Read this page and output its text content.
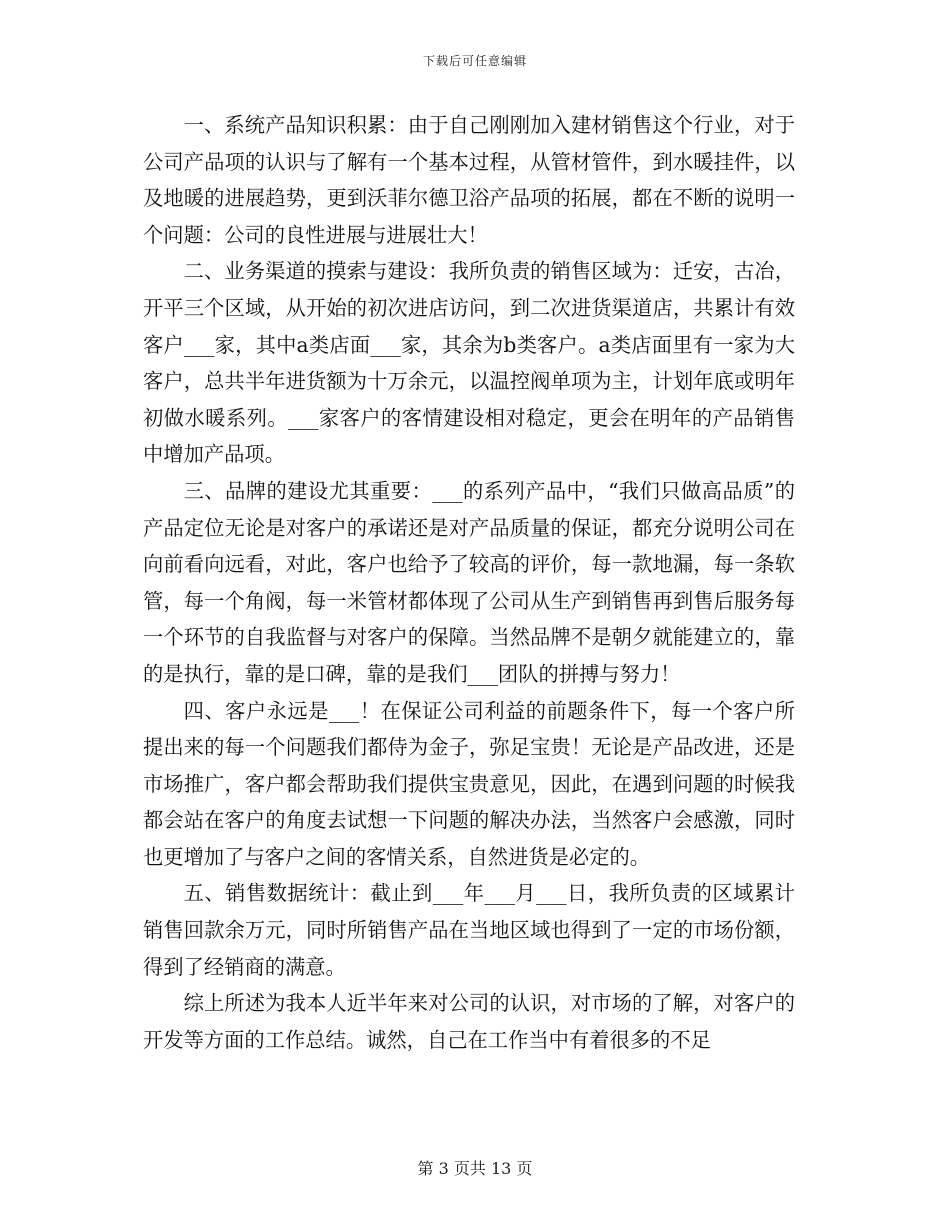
下载后可任意编辑

一、系统产品知识积累：由于自己刚刚加入建材销售这个行业，对于公司产品项的认识与了解有一个基本过程，从管材管件，到水暖挂件，以及地暖的进展趋势，更到沃菲尔德卫浴产品项的拓展，都在不断的说明一个问题：公司的良性进展与进展壮大！

二、业务渠道的摸索与建设：我所负责的销售区域为：迁安，古冶，开平三个区域，从开始的初次进店访问，到二次进货渠道店，共累计有效客户___家，其中a类店面___家，其余为b类客户。a类店面里有一家为大客户，总共半年进货额为十万余元，以温控阀单项为主，计划年底或明年初做水暖系列。___家客户的客情建设相对稳定，更会在明年的产品销售中增加产品项。

三、品牌的建设尤其重要：___的系列产品中，“我们只做高品质”的产品定位无论是对客户的承诺还是对产品质量的保证，都充分说明公司在向前看向远看，对此，客户也给予了较高的评价，每一款地漏，每一条软管，每一个角阀，每一米管材都体现了公司从生产到销售再到售后服务每一个环节的自我监督与对客户的保障。当然品牌不是朝夕就能建立的，靠的是执行，靠的是口碑，靠的是我们___团队的拼搏与努力！

四、客户永远是___！在保证公司利益的前题条件下，每一个客户所提出来的每一个问题我们都侍为金子，弥足宝贵！无论是产品改进，还是市场推广，客户都会帮助我们提供宝贵意见，因此，在遇到问题的时候我都会站在客户的角度去试想一下问题的解决办法，当然客户会感激，同时也更增加了与客户之间的客情关系，自然进货是必定的。

五、销售数据统计：截止到___年___月___日，我所负责的区域累计销售回款余万元，同时所销售产品在当地区域也得到了一定的市场份额，得到了经销商的满意。

综上所述为我本人近半年来对公司的认识，对市场的了解，对客户的开发等方面的工作总结。诚然，自己在工作当中有着很多的不足

第 3 页共 13 页
